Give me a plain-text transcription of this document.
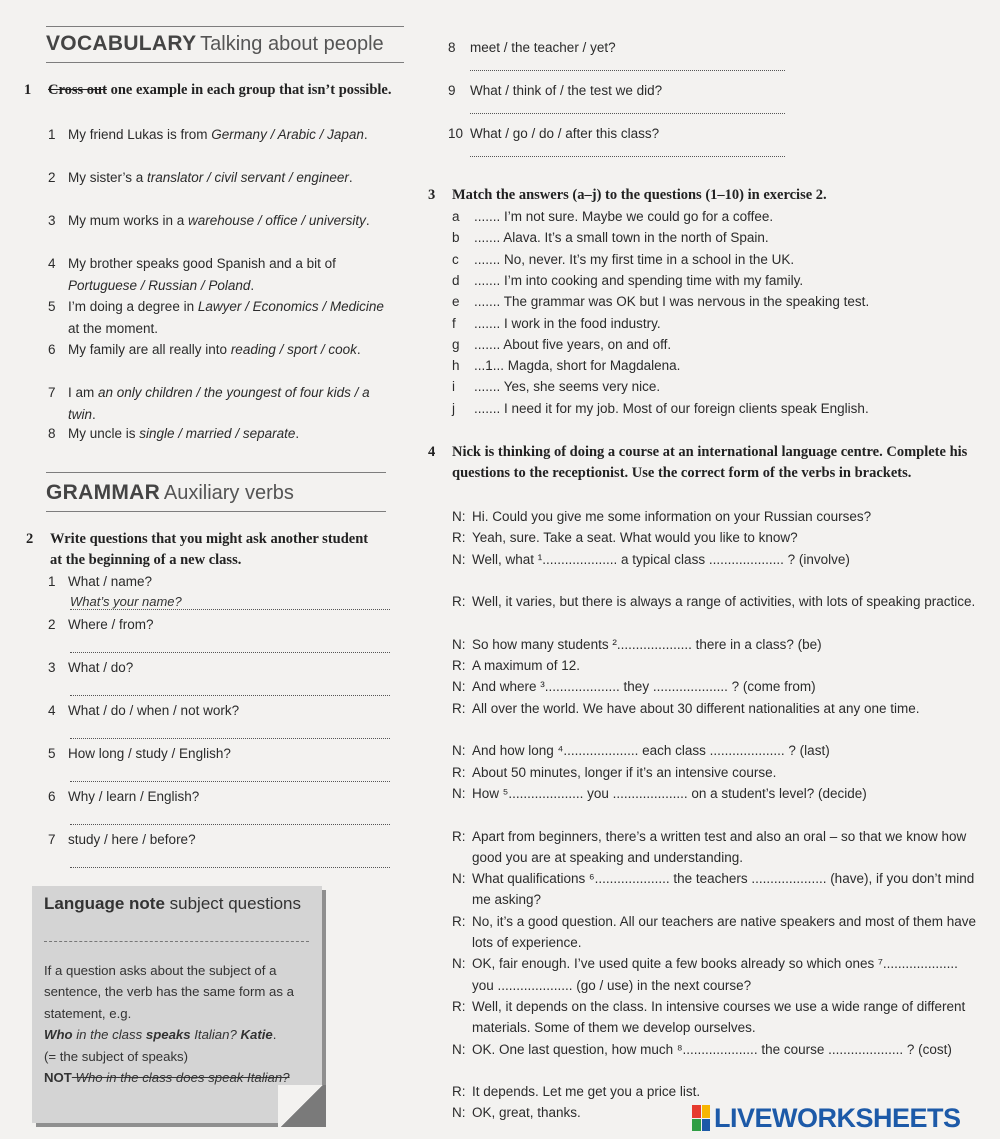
VOCABULARY Talking about people
1 Cross out one example in each group that isn’t possible.
1 My friend Lukas is from Germany / Arabic / Japan.
2 My sister’s a translator / civil servant / engineer.
3 My mum works in a warehouse / office / university.
4 My brother speaks good Spanish and a bit of Portuguese / Russian / Poland.
5 I’m doing a degree in Lawyer / Economics / Medicine at the moment.
6 My family are all really into reading / sport / cook.
7 I am an only children / the youngest of four kids / a twin.
8 My uncle is single / married / separate.
GRAMMAR Auxiliary verbs
2 Write questions that you might ask another student at the beginning of a new class.
1 What / name?
What’s your name?
2 Where / from?
3 What / do?
4 What / do / when / not work?
5 How long / study / English?
6 Why / learn / English?
7 study / here / before?
Language note subject questions
If a question asks about the subject of a sentence, the verb has the same form as a statement, e.g.
Who in the class speaks Italian? Katie.
(= the subject of speaks)
NOT Who in the class does speak Italian?
8	meet / the teacher / yet?
9	What / think of / the test we did?
10 What / go / do / after this class?
3 Match the answers (a–j) to the questions (1–10) in exercise 2.
a ....... I’m not sure. Maybe we could go for a coffee.
b ....... Alava. It’s a small town in the north of Spain.
c ....... No, never. It’s my first time in a school in the UK.
d ....... I’m into cooking and spending time with my family.
e ....... The grammar was OK but I was nervous in the speaking test.
f ....... I work in the food industry.
g ....... About five years, on and off.
h ...1... Magda, short for Magdalena.
i ....... Yes, she seems very nice.
j ....... I need it for my job. Most of our foreign clients speak English.
4 Nick is thinking of doing a course at an international language centre. Complete his questions to the receptionist. Use the correct form of the verbs in brackets.
N: Hi. Could you give me some information on your Russian courses?
R: Yeah, sure. Take a seat. What would you like to know?
N: Well, what ¹.................... a typical class .................... ? (involve)
R: Well, it varies, but there is always a range of activities, with lots of speaking practice.
N: So how many students ².................... there in a class? (be)
R: A maximum of 12.
N: And where ³.................... they .................... ? (come from)
R: All over the world. We have about 30 different nationalities at any one time.
N: And how long ⁴.................... each class .................... ? (last)
R: About 50 minutes, longer if it’s an intensive course.
N: How ⁵.................... you .................... on a student’s level? (decide)
R: Apart from beginners, there’s a written test and also an oral – so that we know how good you are at speaking and understanding.
N: What qualifications ⁶.................... the teachers .................... (have), if you don’t mind me asking?
R: No, it’s a good question. All our teachers are native speakers and most of them have lots of experience.
N: OK, fair enough. I’ve used quite a few books already so which ones ⁷.................... you .................... (go / use) in the next course?
R: Well, it depends on the class. In intensive courses we use a wide range of different materials. Some of them we develop ourselves.
N: OK. One last question, how much ⁸.................... the course .................... ? (cost)
R: It depends. Let me get you a price list.
N: OK, great, thanks.	LIVEWORKSHEETS
